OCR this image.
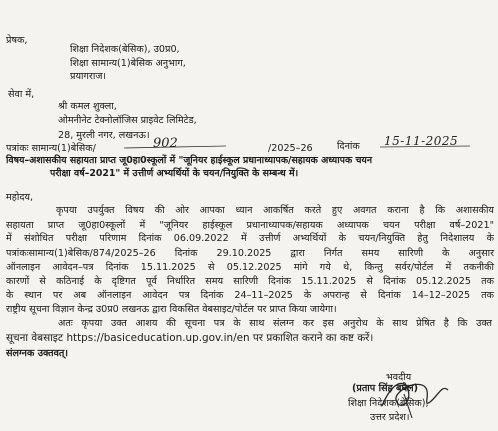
प्रेषक,
शिक्षा निदेशक(बेसिक), उ0प्र0,
शिक्षा सामान्य(1)बेसिक अनुभाग,
प्रयागराज।
सेवा में,
श्री कमल शुक्ला,
ओमनीनेट टेक्नोलॉजिस प्राइवेट लिमिटेड,
28, मुरली नगर, लखनऊ।
पत्रांकः सामान्य(1)बेसिक/	902	/2025–26	दिनांक 15-11-2025
विषय–अशासकीय सहायता प्राप्त जू0हा0स्कूलों में "जूनियर हाईस्कूल प्रधानाध्यापक/सहायक अध्यापक चयन
परीक्षा वर्ष–2021" में उत्तीर्ण अभ्यर्थियों के चयन/नियुक्ति के सम्बन्ध में।
महोदय,
कृपया उपर्युक्त विषय की ओर आपका ध्यान आकर्षित करते हुए अवगत कराना है कि अशासकीय
सहायता प्राप्त जू0हा0स्कूलों में "जूनियर हाईस्कूल प्रधानाध्यापक/सहायक अध्यापक चयन परीक्षा वर्ष–2021"
में संशोधित परीक्षा परिणाम दिनांक 06.09.2022 में उत्तीर्ण अभ्यर्थियों के चयन/नियुक्ति हेतु निदेशालय के
पत्रांकःसामान्य(1)बेसिक/874/2025–26 दिनांक 29.10.2025 द्वारा निर्गत समय सारिणी के अनुसार
ऑनलाइन आवेदन–पत्र दिनांक 15.11.2025 से 05.12.2025 मांगे गये थे, किन्तु सर्वर/पोर्टल में तकनीकी
कारणों से कठिनाई के दृष्टिगत पूर्व निर्धारित समय सारिणी दिनांक 15.11.2025 से दिनांक 05.12.2025 तक
के स्थान पर अब ऑनलाइन आवेदन पत्र दिनांक 24–11–2025 के अपरान्ह से दिनांक 14–12–2025 तक
राष्ट्रीय सूचना विज्ञान केन्द्र उ0प्र0 लखनऊ द्वारा विकसित वेबसाइट/पोर्टल पर प्राप्त किया जायेगा।
अतः कृपया उक्त आशय की सूचना पत्र के साथ संलग्न कर इस अनुरोध के साथ प्रेषित है कि उक्त
सूचना वेबसाइट https://basiceducation.up.gov.in/en पर प्रकाशित कराने का कष्ट करें।
संलग्नक उक्तवत्।
भवदीय
(प्रताप सिंह बघेल)
शिक्षा निदेशक(बेसिक),
उत्तर प्रदेश।
